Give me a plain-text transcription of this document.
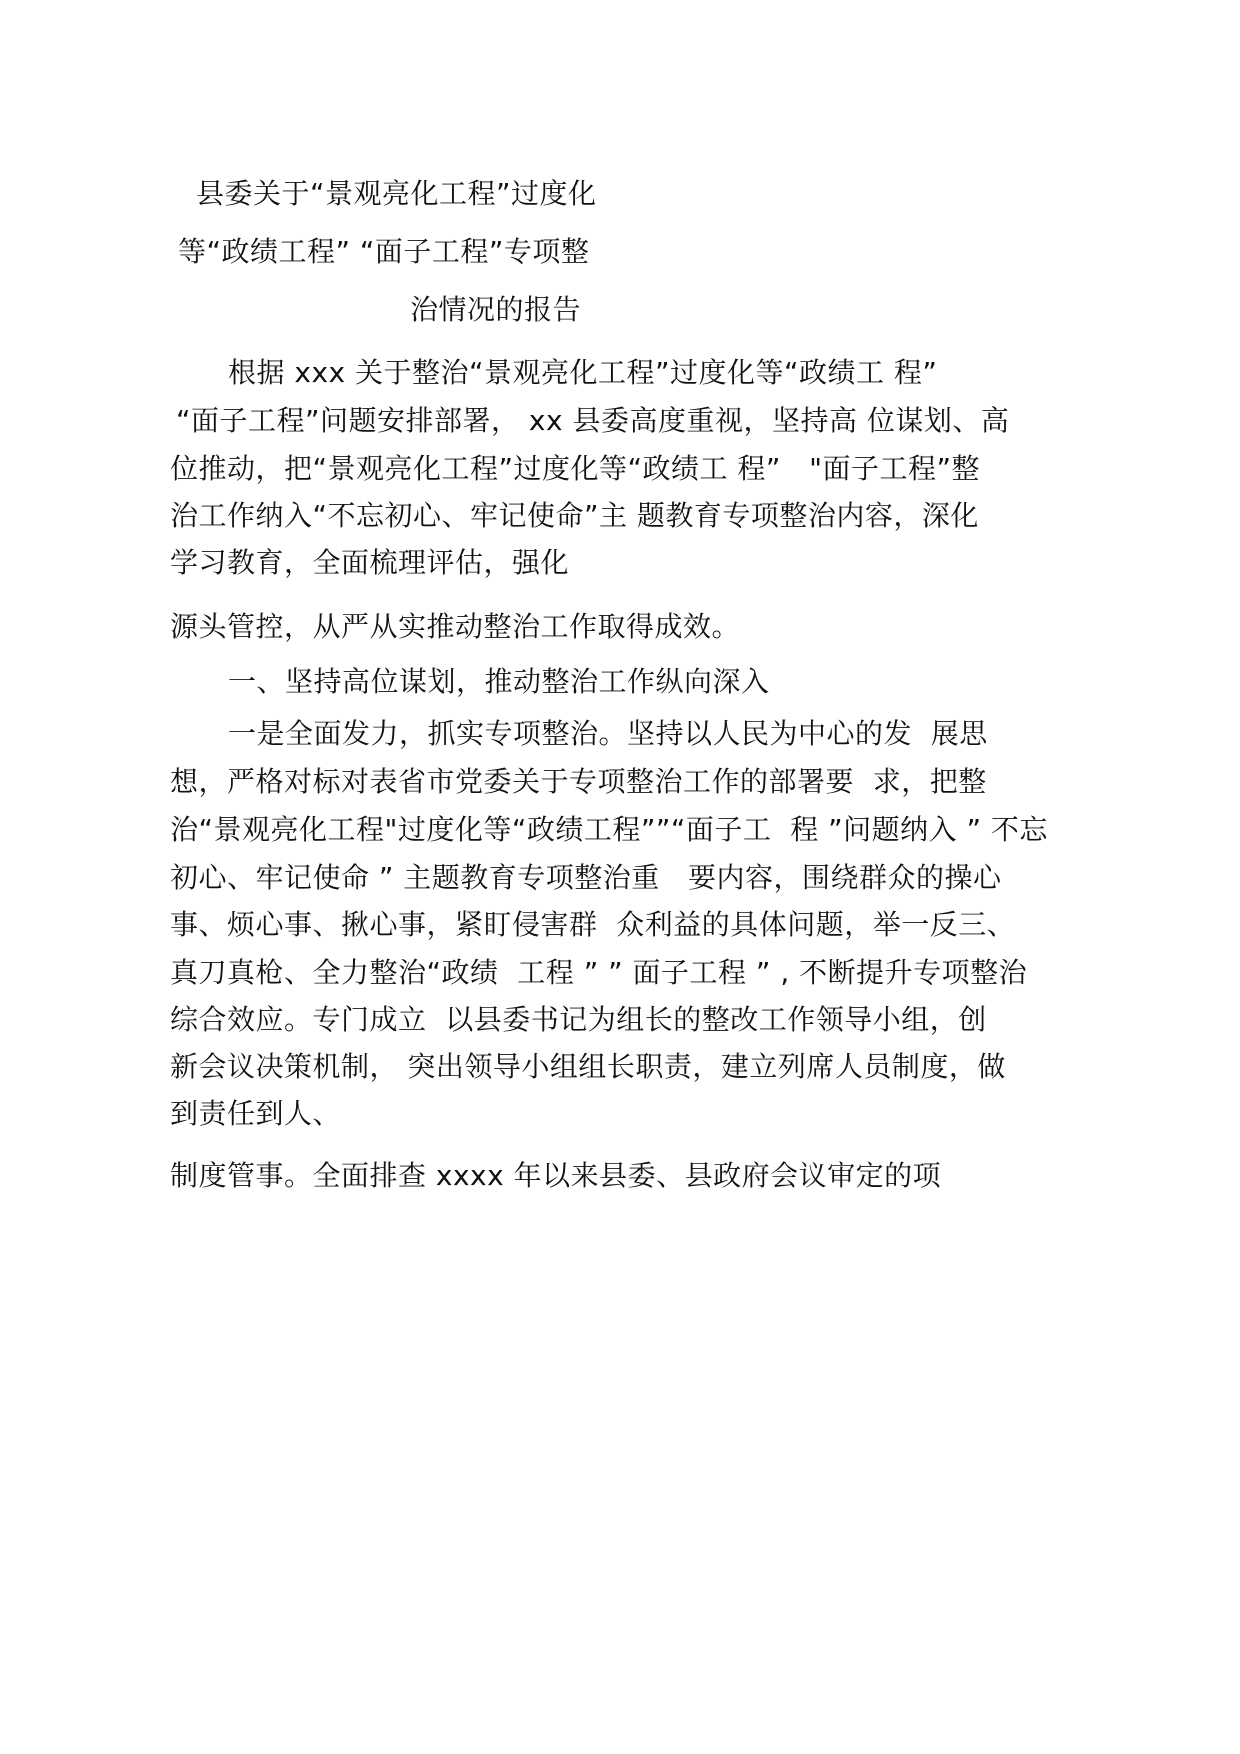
县委关于“景观亮化工程”过度化
等“政绩工程” “面子工程”专项整
治情况的报告
根据 xxx 关于整治“景观亮化工程”过度化等“政绩工 程”
“面子工程”问题安排部署， xx 县委高度重视，坚持高 位谋划、高
位推动，把“景观亮化工程”过度化等“政绩工 程”   "面子工程”整
治工作纳入“不忘初心、牢记使命”主 题教育专项整治内容，深化
学习教育，全面梳理评估，强化
源头管控，从严从实推动整治工作取得成效。
一、坚持高位谋划，推动整治工作纵向深入
一是全面发力，抓实专项整治。坚持以人民为中心的发  展思
想，严格对标对表省市党委关于专项整治工作的部署要  求，把整
治“景观亮化工程"过度化等“政绩工程””“面子工  程 ”问题纳入 ” 不忘
初心、牢记使命 ” 主题教育专项整治重   要内容，围绕群众的操心
事、烦心事、揪心事，紧盯侵害群  众利益的具体问题，举一反三、
真刀真枪、全力整治“政绩  工程 ” ” 面子工程 ” , 不断提升专项整治
综合效应。专门成立  以县委书记为组长的整改工作领导小组，创
新会议决策机制， 突出领导小组组长职责，建立列席人员制度，做
到责任到人、
制度管事。全面排查 xxxx 年以来县委、县政府会议审定的项
